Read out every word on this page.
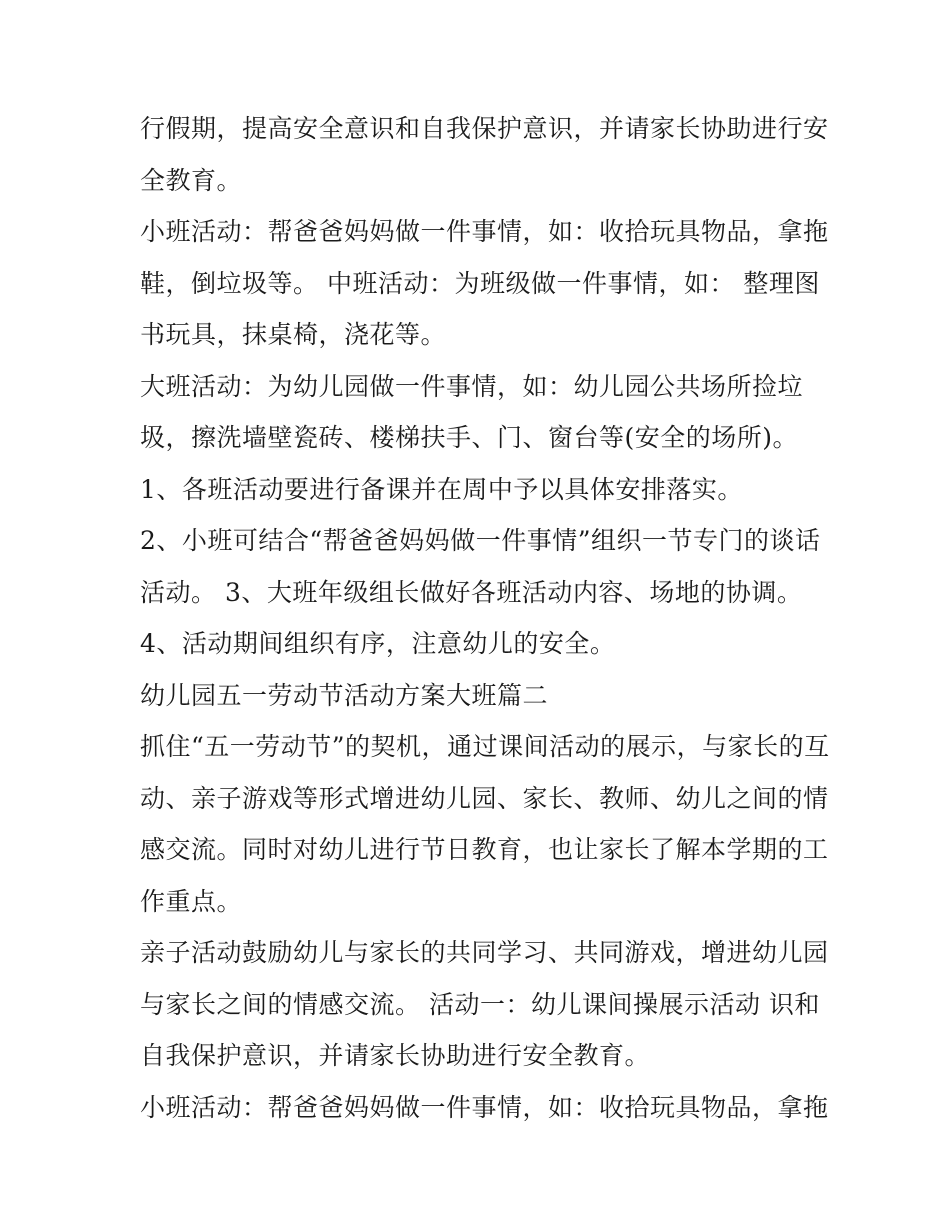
行假期，提高安全意识和自我保护意识，并请家长协助进行安
全教育。
小班活动：帮爸爸妈妈做一件事情，如：收拾玩具物品，拿拖
鞋，倒垃圾等。 中班活动：为班级做一件事情，如： 整理图
书玩具，抹桌椅，浇花等。
大班活动：为幼儿园做一件事情，如：幼儿园公共场所捡垃
圾，擦洗墙壁瓷砖、楼梯扶手、门、窗台等(安全的场所)。
1、各班活动要进行备课并在周中予以具体安排落实。
2、小班可结合“帮爸爸妈妈做一件事情”组织一节专门的谈话
活动。 3、大班年级组长做好各班活动内容、场地的协调。
4、活动期间组织有序，注意幼儿的安全。
幼儿园五一劳动节活动方案大班篇二
抓住“五一劳动节”的契机，通过课间活动的展示，与家长的互
动、亲子游戏等形式增进幼儿园、家长、教师、幼儿之间的情
感交流。同时对幼儿进行节日教育，也让家长了解本学期的工
作重点。
亲子活动鼓励幼儿与家长的共同学习、共同游戏，增进幼儿园
与家长之间的情感交流。 活动一：幼儿课间操展示活动 识和
自我保护意识，并请家长协助进行安全教育。
小班活动：帮爸爸妈妈做一件事情，如：收拾玩具物品，拿拖
